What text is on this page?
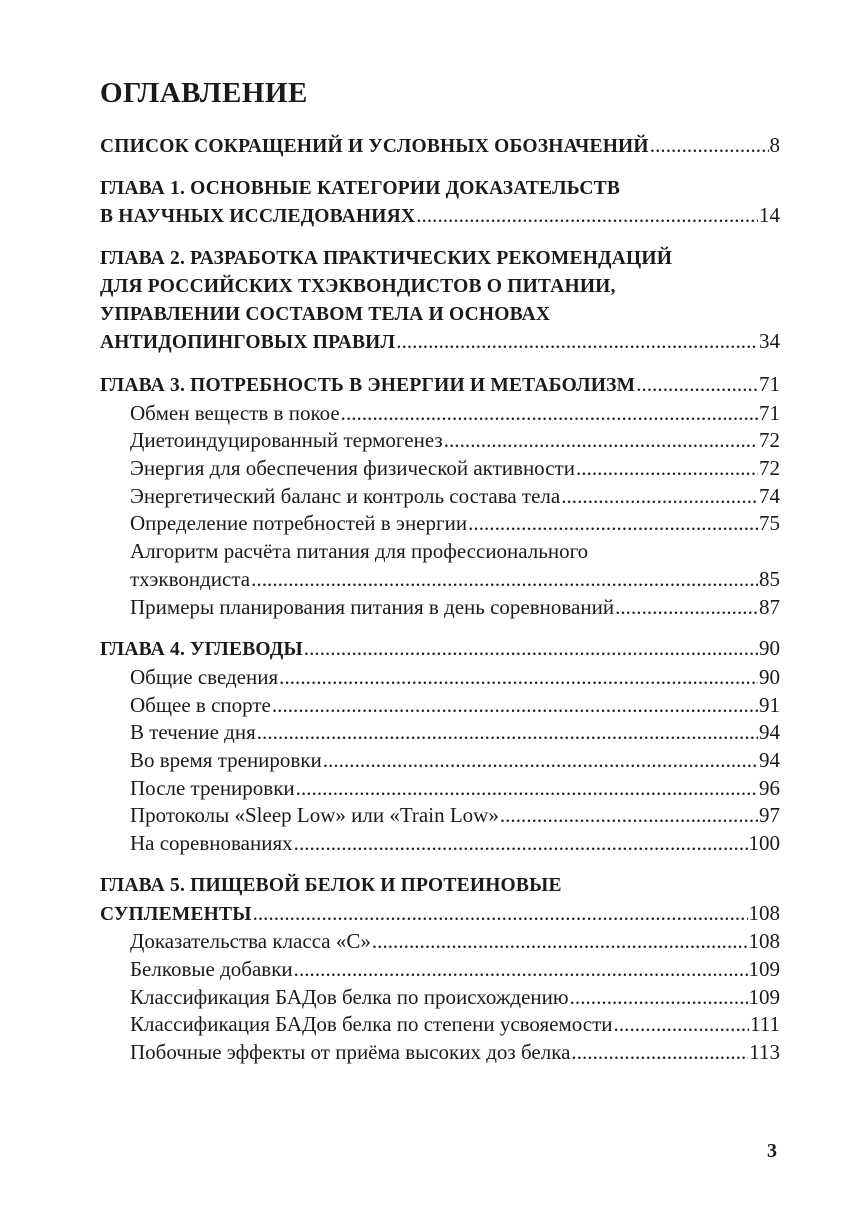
ОГЛАВЛЕНИЕ
СПИСОК СОКРАЩЕНИЙ И УСЛОВНЫХ ОБОЗНАЧЕНИЙ . . .	8
ГЛАВА 1. ОСНОВНЫЕ КАТЕГОРИИ ДОКАЗАТЕЛЬСТВ
В НАУЧНЫХ ИССЛЕДОВАНИЯХ . . .	14
ГЛАВА 2. РАЗРАБОТКА ПРАКТИЧЕСКИХ РЕКОМЕНДАЦИЙ
ДЛЯ РОССИЙСКИХ ТХЭКВОНДИСТОВ О ПИТАНИИ,
УПРАВЛЕНИИ СОСТАВОМ ТЕЛА И ОСНОВАХ
АНТИДОПИНГОВЫХ ПРАВИЛ . . .	34
ГЛАВА 3. ПОТРЕБНОСТЬ В ЭНЕРГИИ И МЕТАБОЛИЗМ . . .	71
Обмен веществ в покое . . .	71
Диетоиндуцированный термогенез . . .	72
Энергия для обеспечения физической активности . . .	72
Энергетический баланс и контроль состава тела . . .	74
Определение потребностей в энергии . . .	75
Алгоритм расчёта питания для профессионального
тхэквондиста . . .	85
Примеры планирования питания в день соревнований . . .	87
ГЛАВА 4. УГЛЕВОДЫ . . .	90
Общие сведения . . .	90
Общее в спорте . . .	91
В течение дня . . .	94
Во время тренировки . . .	94
После тренировки . . .	96
Протоколы «Sleep Low» или «Train Low» . . .	97
На соревнованиях . . .	100
ГЛАВА 5. ПИЩЕВОЙ БЕЛОК И ПРОТЕИНОВЫЕ
СУПЛЕМЕНТЫ . . .	108
Доказательства класса «С» . . .	108
Белковые добавки . . .	109
Классификация БАДов белка по происхождению . . .	109
Классификация БАДов белка по степени усвояемости . . .	111
Побочные эффекты от приёма высоких доз белка . . .	113
3
